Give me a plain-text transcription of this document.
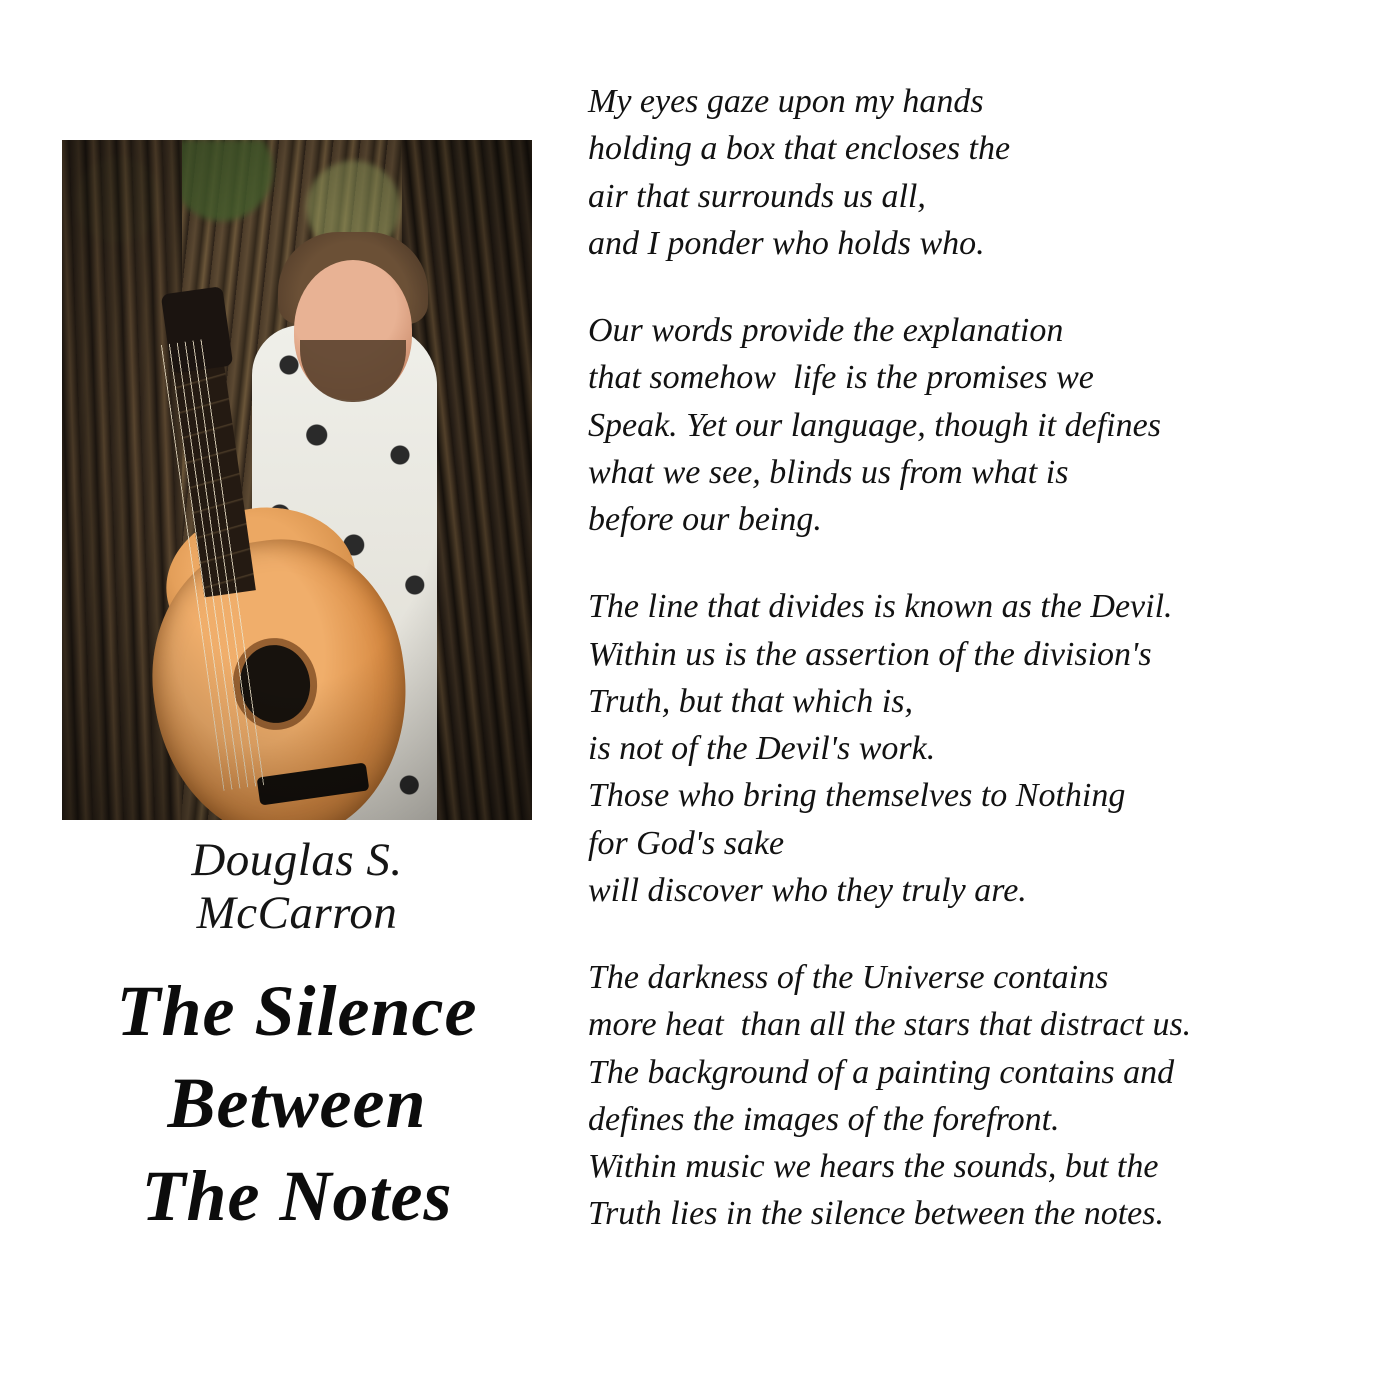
Douglas S.
McCarron
The Silence
Between
The Notes
My eyes gaze upon my hands
holding a box that encloses the
air that surrounds us all,
and I ponder who holds who.
Our words provide the explanation
that somehow  life is the promises we
Speak. Yet our language, though it defines
what we see, blinds us from what is
before our being.
The line that divides is known as the Devil.
Within us is the assertion of the division's
Truth, but that which is,
is not of the Devil's work.
Those who bring themselves to Nothing
for God's sake
will discover who they truly are.
The darkness of the Universe contains
more heat  than all the stars that distract us.
The background of a painting contains and
defines the images of the forefront.
Within music we hears the sounds, but the
Truth lies in the silence between the notes.
